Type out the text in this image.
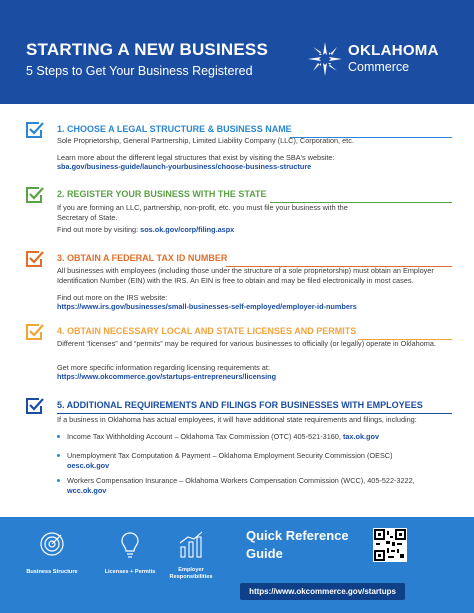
STARTING A NEW BUSINESS
5 Steps to Get Your Business Registered
OKLAHOMA
Commerce
1. CHOOSE A LEGAL STRUCTURE & BUSINESS NAME
Sole Proprietorship, General Partnership, Limited Liability Company (LLC), Corporation, etc.
Learn more about the different legal structures that exist by visiting the SBA's website:
sba.gov/business-guide/launch-yourbusiness/choose-business-structure
2. REGISTER YOUR BUSINESS WITH THE STATE
If you are forming an LLC, partnership, non-profit, etc. you must file your business with the Secretary of State.
Find out more by visiting: sos.ok.gov/corp/filing.aspx
3. OBTAIN A FEDERAL TAX ID NUMBER
All businesses with employees (including those under the structure of a sole proprietorship) must obtain an Employer Identification Number (EIN) with the IRS. An EIN is free to obtain and may be filed electronically in most cases.
Find out more on the IRS website:
https://www.irs.gov/businesses/small-businesses-self-employed/employer-id-numbers
4. OBTAIN NECESSARY LOCAL AND STATE LICENSES AND PERMITS
Different “licenses” and “permits” may be required for various businesses to officially (or legally) operate in Oklahoma.
Get more specific information regarding licensing requirements at:
https://www.okcommerce.gov/startups-entrepreneurs/licensing
5. ADDITIONAL REQUIREMENTS AND FILINGS FOR BUSINESSES WITH EMPLOYEES
If a business in Oklahoma has actual employees, it will have additional state requirements and filings, including:
Income Tax Withholding Account – Oklahoma Tax Commission (OTC) 405-521-3160, tax.ok.gov
Unemployment Tax Computation & Payment – Oklahoma Employment Security Commission (OESC)
oesc.ok.gov
Workers Compensation Insurance – Oklahoma Workers Compensation Commission (WCC), 405-522-3222,
wcc.ok.gov
Business Structure	Licenses + Permits	Employer Responsibilities
Quick Reference
Guide
https://www.okcommerce.gov/startups
